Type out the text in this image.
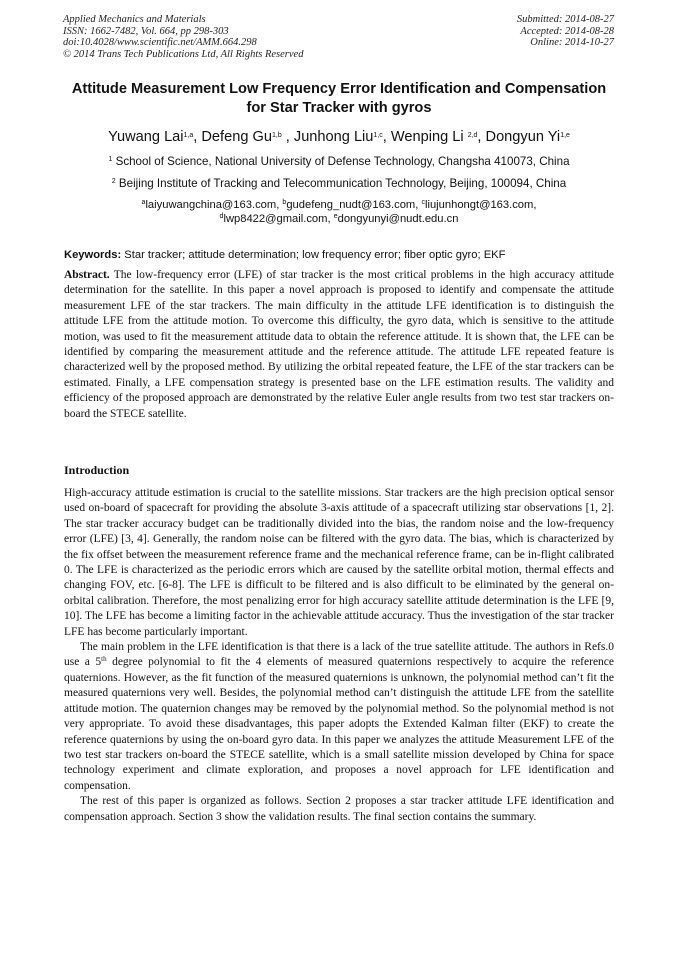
Applied Mechanics and Materials
ISSN: 1662-7482, Vol. 664, pp 298-303
doi:10.4028/www.scientific.net/AMM.664.298
© 2014 Trans Tech Publications Ltd, All Rights Reserved
Submitted: 2014-08-27
Accepted: 2014-08-28
Online: 2014-10-27
Attitude Measurement Low Frequency Error Identification and Compensation for Star Tracker with gyros
Yuwang Lai$^{1,a}$, Defeng Gu$^{1,b}$ , Junhong Liu$^{1,c}$, Wenping Li $^{2,d}$, Dongyun Yi$^{1,e}$
$^1$ School of Science, National University of Defense Technology, Changsha 410073, China
$^2$ Beijing Institute of Tracking and Telecommunication Technology, Beijing, 100094, China
$^a$laiyuwangchina@163.com, $^b$gudefeng_nudt@163.com, $^c$liujunhongt@163.com,
$^d$lwp8422@gmail.com, $^e$dongyunyi@nudt.edu.cn
Keywords: Star tracker; attitude determination; low frequency error; fiber optic gyro; EKF

Abstract. The low-frequency error (LFE) of star tracker is the most critical problems in the high accuracy attitude determination for the satellite. In this paper a novel approach is proposed to identify and compensate the attitude measurement LFE of the star trackers. The main difficulty in the attitude LFE identification is to distinguish the attitude LFE from the attitude motion. To overcome this difficulty, the gyro data, which is sensitive to the attitude motion, was used to fit the measurement attitude data to obtain the reference attitude. It is shown that, the LFE can be identified by comparing the measurement attitude and the reference attitude. The attitude LFE repeated feature is characterized well by the proposed method. By utilizing the orbital repeated feature, the LFE of the star trackers can be estimated. Finally, a LFE compensation strategy is presented base on the LFE estimation results. The validity and efficiency of the proposed approach are demonstrated by the relative Euler angle results from two test star trackers on-board the STECE satellite.

Introduction

High-accuracy attitude estimation is crucial to the satellite missions. Star trackers are the high precision optical sensor used on-board of spacecraft for providing the absolute 3-axis attitude of a spacecraft utilizing star observations [1, 2]. The star tracker accuracy budget can be traditionally divided into the bias, the random noise and the low-frequency error (LFE) [3, 4]. Generally, the random noise can be filtered with the gyro data. The bias, which is characterized by the fix offset between the measurement reference frame and the mechanical reference frame, can be in-flight calibrated 0. The LFE is characterized as the periodic errors which are caused by the satellite orbital motion, thermal effects and changing FOV, etc. [6-8]. The LFE is difficult to be filtered and is also difficult to be eliminated by the general on-orbital calibration. Therefore, the most penalizing error for high accuracy satellite attitude determination is the LFE [9, 10]. The LFE has become a limiting factor in the achievable attitude accuracy. Thus the investigation of the star tracker LFE has become particularly important.

The main problem in the LFE identification is that there is a lack of the true satellite attitude. The authors in Refs.0 use a 5th degree polynomial to fit the 4 elements of measured quaternions respectively to acquire the reference quaternions. However, as the fit function of the measured quaternions is unknown, the polynomial method can’t fit the measured quaternions very well. Besides, the polynomial method can’t distinguish the attitude LFE from the satellite attitude motion. The quaternion changes may be removed by the polynomial method. So the polynomial method is not very appropriate. To avoid these disadvantages, this paper adopts the Extended Kalman filter (EKF) to create the reference quaternions by using the on-board gyro data. In this paper we analyzes the attitude Measurement LFE of the two test star trackers on-board the STECE satellite, which is a small satellite mission developed by China for space technology experiment and climate exploration, and proposes a novel approach for LFE identification and compensation.

The rest of this paper is organized as follows. Section 2 proposes a star tracker attitude LFE identification and compensation approach. Section 3 show the validation results. The final section contains the summary.
